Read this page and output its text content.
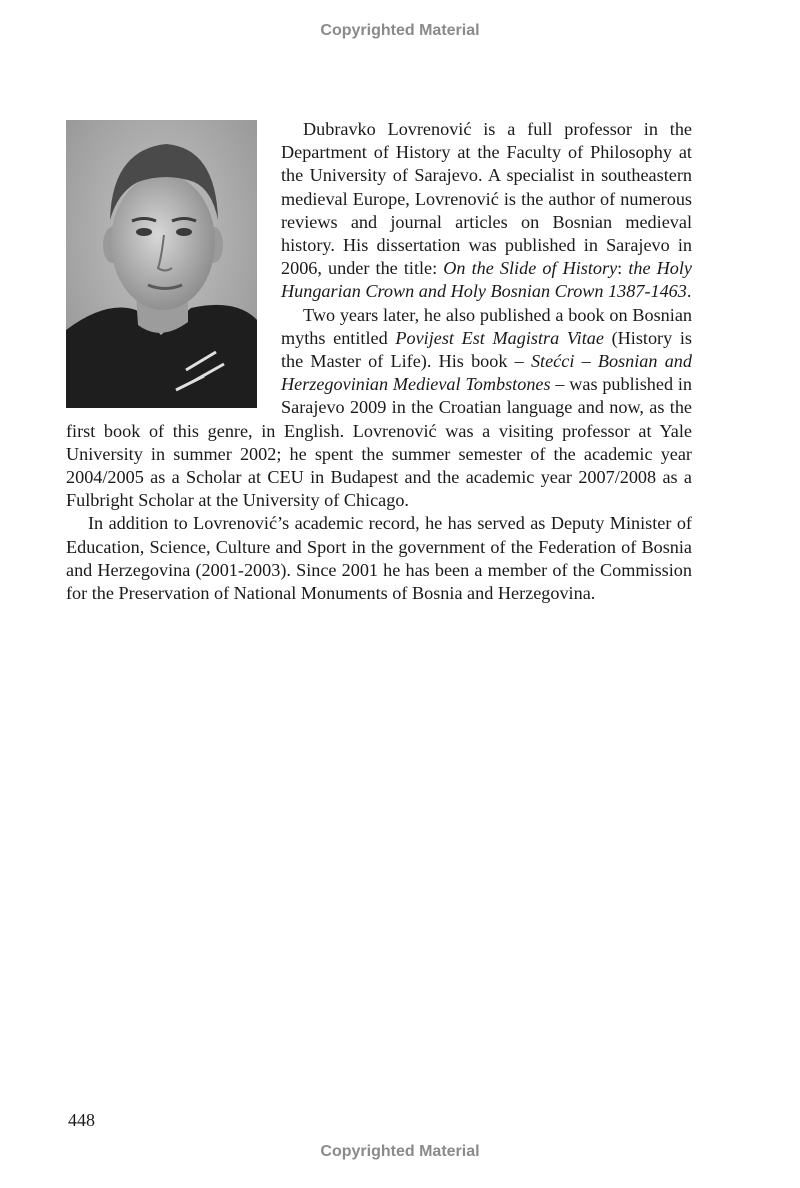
Copyrighted Material

Dubravko Lovrenović is a full professor in the Department of History at the Faculty of Philosophy at the University of Sarajevo. A specialist in southeastern medieval Europe, Lovrenović is the author of numerous reviews and journal articles on Bosnian medieval history. His dissertation was published in Sarajevo in 2006, under the title: On the Slide of History: the Holy Hungarian Crown and Holy Bosnian Crown 1387-1463.

Two years later, he also published a book on Bosnian myths entitled Povijest Est Magistra Vitae (History is the Master of Life). His book – Stećci – Bosnian and Herzegovinian Medieval Tombstones – was published in Sarajevo 2009 in the Croatian language and now, as the first book of this genre, in English. Lovrenović was a visiting professor at Yale University in summer 2002; he spent the summer semester of the academic year 2004/2005 as a Scholar at CEU in Budapest and the academic year 2007/2008 as a Fulbright Scholar at the University of Chicago.

In addition to Lovrenović’s academic record, he has served as Deputy Minister of Education, Science, Culture and Sport in the government of the Federation of Bosnia and Herzegovina (2001-2003). Since 2001 he has been a member of the Commission for the Preservation of National Monuments of Bosnia and Herzegovina.

448
Copyrighted Material
